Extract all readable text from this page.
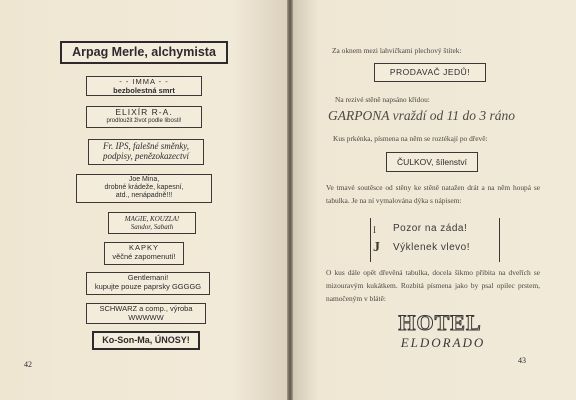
Arpag Merle, alchymista
- - IMMA - -
bezbolestná smrt
ELIXÍR R-A.
prodloužit život podle libosti!
Fr. IPS, falešné směnky,
podpisy, penězokazectví
Joe Mina,
drobné krádeže, kapesní,
atd., nenápadně!!!
MAGIE, KOUZLA!
Sandor, Sabath
KAPKY
věčné zapomenutí!
Gentlemani!
kupujte pouze paprsky GGGGG
SCHWARZ a comp., výroba
WWWWW
Ko-Son-Ma, ÚNOSY!
42
Za oknem mezi lahvičkami plechový štítek:
PRODAVAČ JEDŮ!
Na rezivé stěně napsáno křídou:
GARPONA vraždí od 11 do 3 ráno
Kus prkénka, písmena na něm se roztékají po dřevě:
ČULKOV, šílenství
Ve tmavé soutěsce od stěny ke stěně natažen drát a na něm houpá se tabulka. Je na ní vymalována dýka s nápisem:
I
J
Pozor na záda!
Výklenek vlevo!
O kus dále opět dřevěná tabulka, docela šikmo přibita na dveřích se mizouravým kukátkem. Rozbitá písmena jako by psal opilec prstem, namočeným v blátě:
HOTEL
ELDORADO
43
